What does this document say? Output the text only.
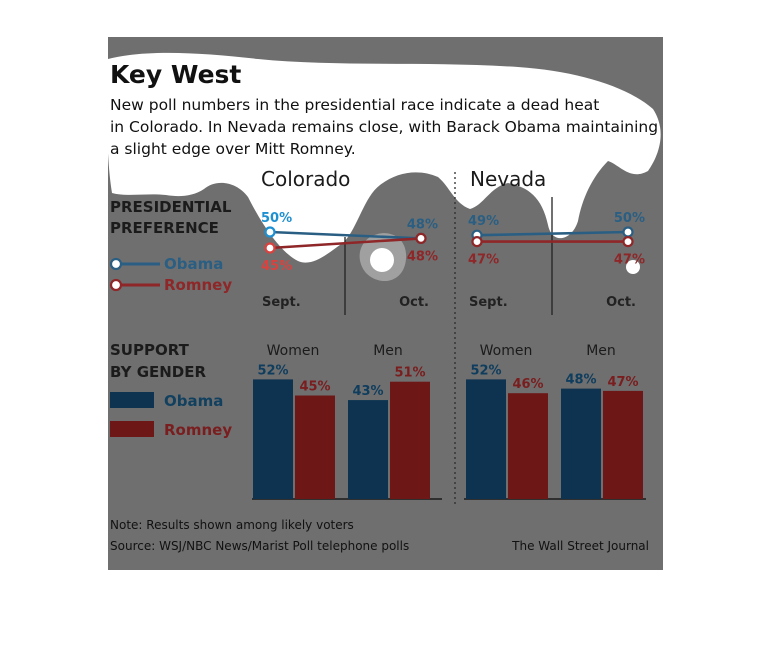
Key West
New poll numbers in the presidential race indicate a dead heat
in Colorado. In Nevada remains close, with Barack Obama maintaining
a slight edge over Mitt Romney.
PRESIDENTIAL
PREFERENCE
Obama
Romney
SUPPORT
BY GENDER
Obama
Romney
Colorado
Sept.	Oct.
50%	48%
45%
48%
Nevada
Sept.	Oct.
49%	50%
47%	47%
Women
52%
45%
Men
43%
51%
Women
52%
46%
Men
48% 47%
Note: Results shown among likely voters
Source: WSJ/NBC News/Marist Poll telephone polls	The Wall Street Journal
